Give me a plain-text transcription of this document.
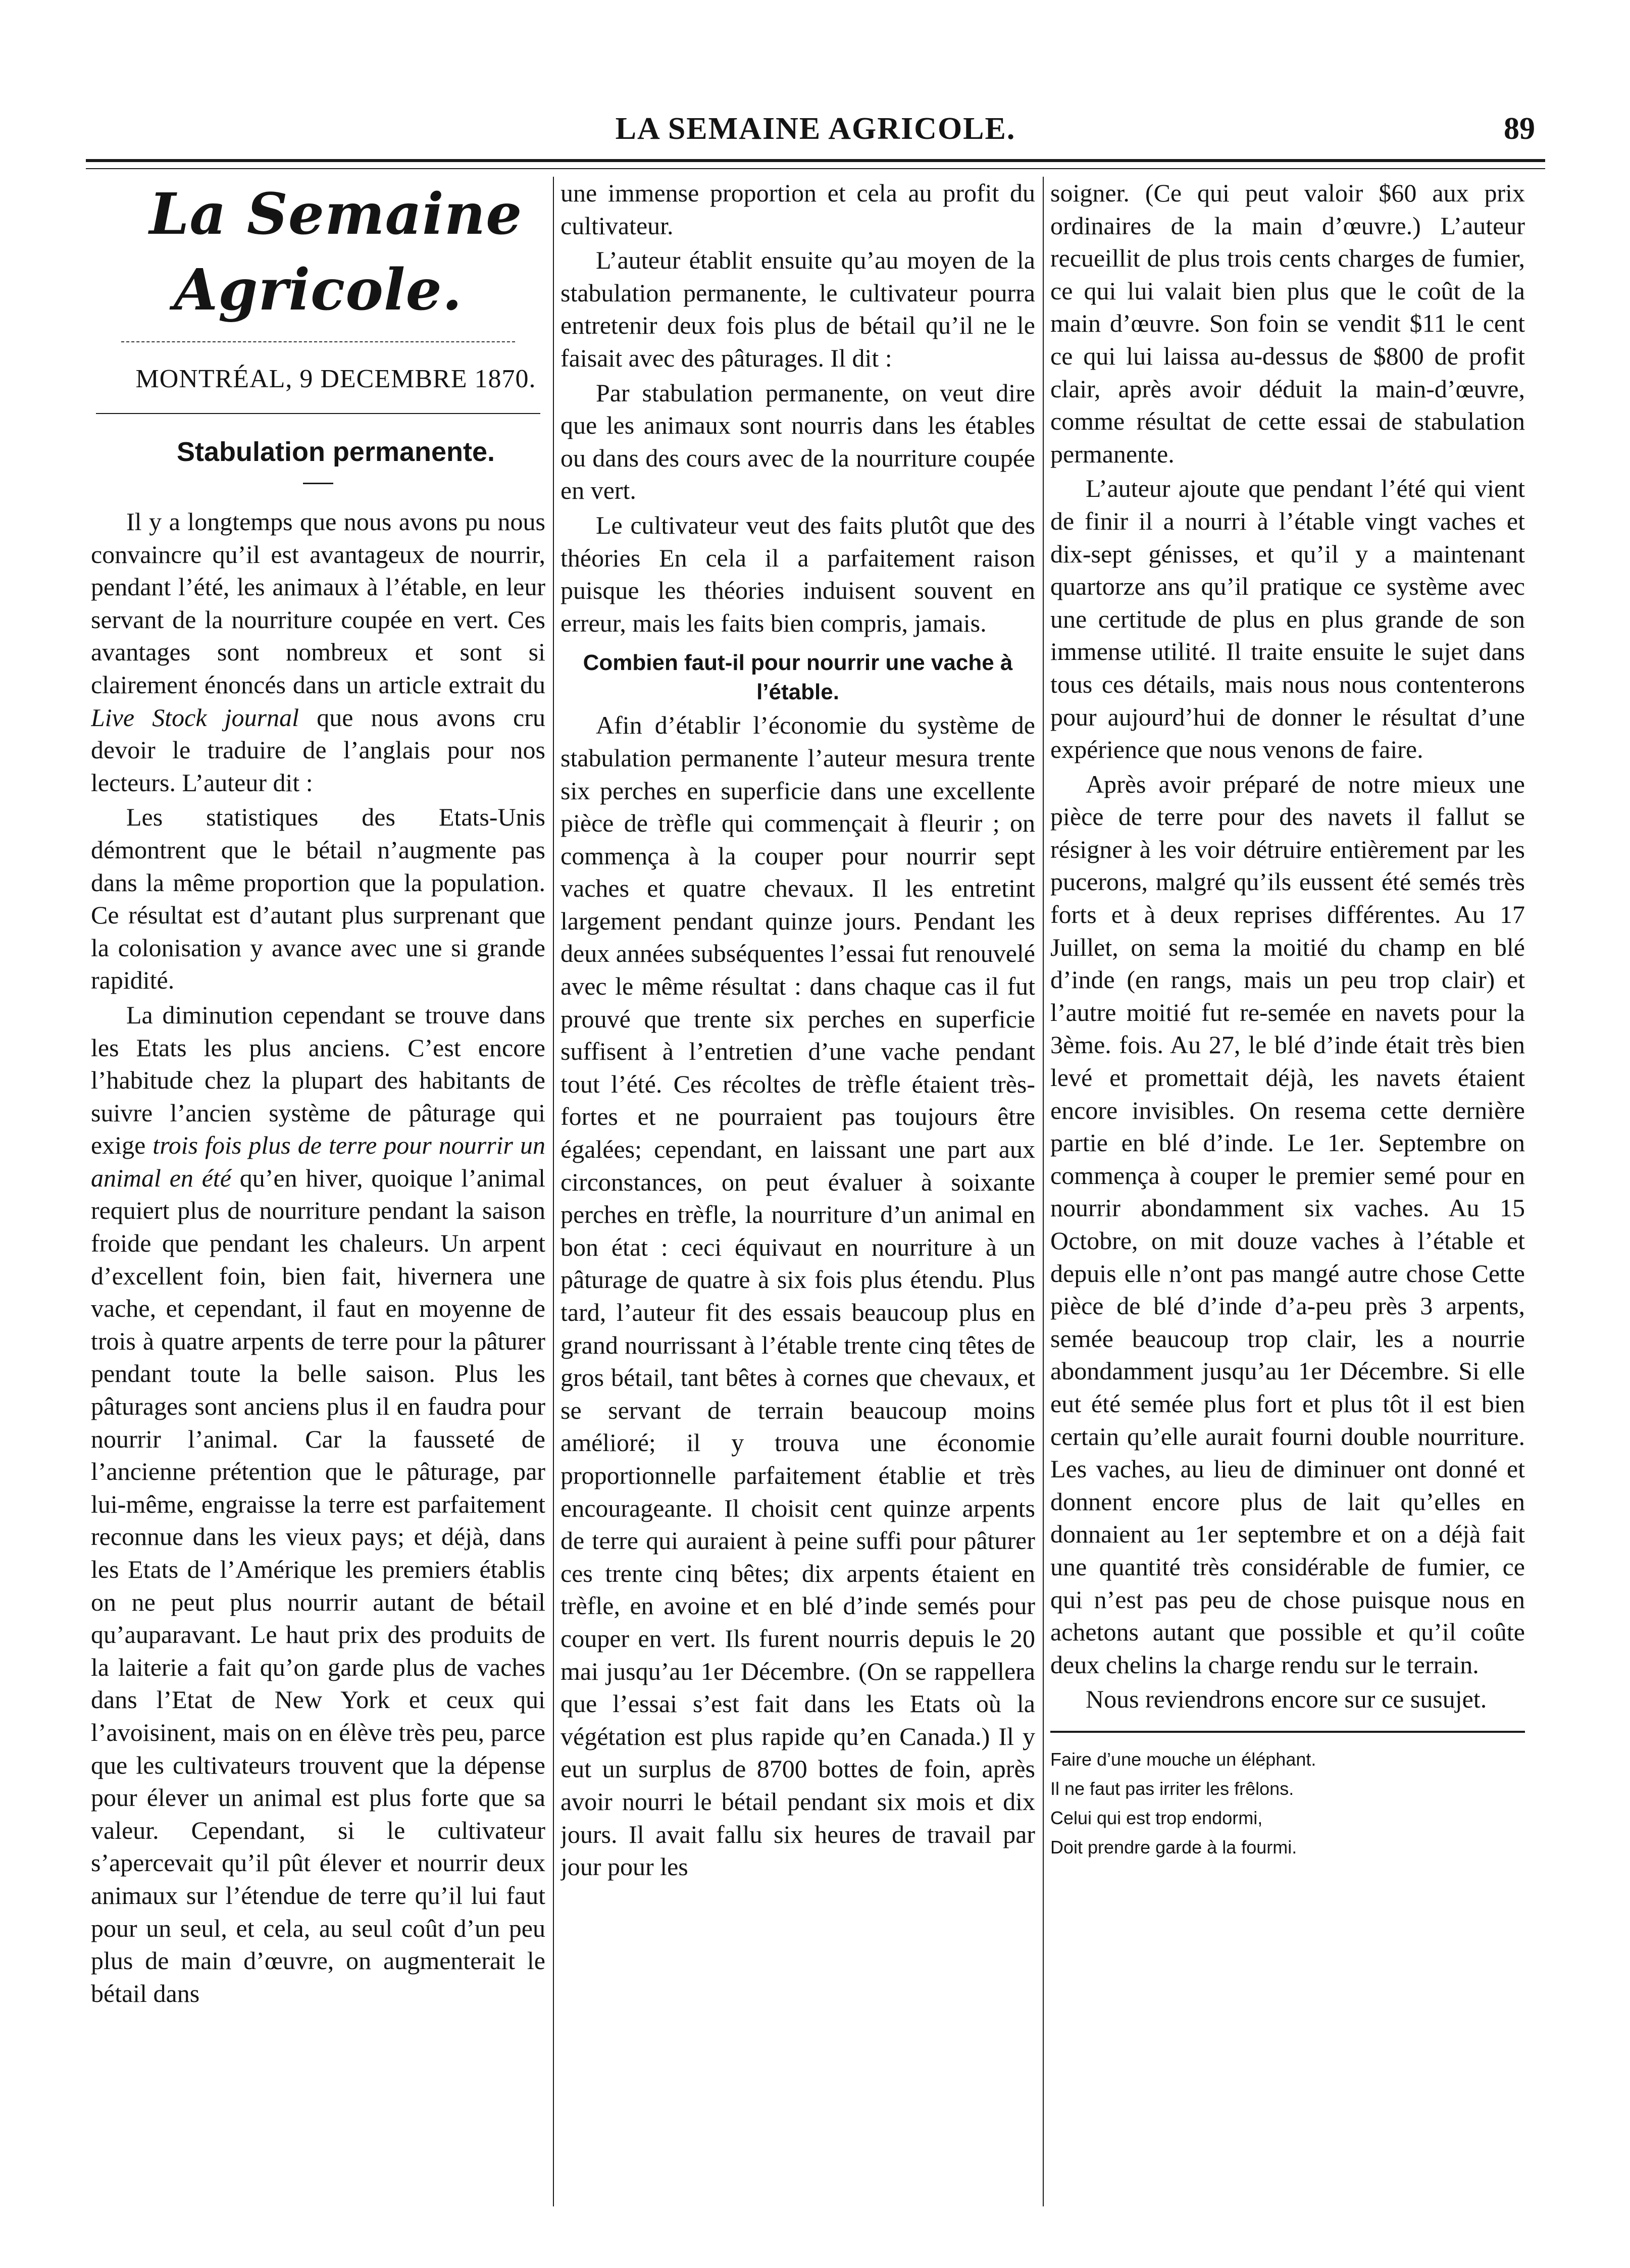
LA SEMAINE AGRICOLE.	89

La Semaine Agricole.

MONTRÉAL, 9 DECEMBRE 1870.

Stabulation permanente.

Il y a longtemps que nous avons pu nous convaincre qu’il est avantageux de nourrir, pendant l’été, les animaux à l’étable, en leur servant de la nourriture coupée en vert. Ces avantages sont nombreux et sont si clairement énoncés dans un article extrait du Live Stock journal que nous avons cru devoir le traduire de l’anglais pour nos lecteurs. L’auteur dit :

Les statistiques des Etats-Unis démontrent que le bétail n’augmente pas dans la même proportion que la population. Ce résultat est d’autant plus surprenant que la colonisation y avance avec une si grande rapidité.

La diminution cependant se trouve dans les Etats les plus anciens. C’est encore l’habitude chez la plupart des habitants de suivre l’ancien système de pâturage qui exige trois fois plus de terre pour nourrir un animal en été qu’en hiver, quoique l’animal requiert plus de nourriture pendant la saison froide que pendant les chaleurs. Un arpent d’excellent foin, bien fait, hivernera une vache, et cependant, il faut en moyenne de trois à quatre arpents de terre pour la pâturer pendant toute la belle saison. Plus les pâturages sont anciens plus il en faudra pour nourrir l’animal. Car la fausseté de l’ancienne prétention que le pâturage, par lui-même, engraisse la terre est parfaitement reconnue dans les vieux pays; et déjà, dans les Etats de l’Amérique les premiers établis on ne peut plus nourrir autant de bétail qu’auparavant. Le haut prix des produits de la laiterie a fait qu’on garde plus de vaches dans l’Etat de New York et ceux qui l’avoisinent, mais on en élève très peu, parce que les cultivateurs trouvent que la dépense pour élever un animal est plus forte que sa valeur. Cependant, si le cultivateur s’apercevait qu’il pût élever et nourrir deux animaux sur l’étendue de terre qu’il lui faut pour un seul, et cela, au seul coût d’un peu plus de main d’œuvre, on augmenterait le bétail dans

une immense proportion et cela au profit du cultivateur.

L’auteur établit ensuite qu’au moyen de la stabulation permanente, le cultivateur pourra entretenir deux fois plus de bétail qu’il ne le faisait avec des pâturages. Il dit :

Par stabulation permanente, on veut dire que les animaux sont nourris dans les étables ou dans des cours avec de la nourriture coupée en vert.

Le cultivateur veut des faits plutôt que des théories En cela il a parfaitement raison puisque les théories induisent souvent en erreur, mais les faits bien compris, jamais.

Combien faut-il pour nourrir une vache à l’étable.

Afin d’établir l’économie du système de stabulation permanente l’auteur mesura trente six perches en superficie dans une excellente pièce de trèfle qui commençait à fleurir ; on commença à la couper pour nourrir sept vaches et quatre chevaux. Il les entretint largement pendant quinze jours. Pendant les deux années subséquentes l’essai fut renouvelé avec le même résultat : dans chaque cas il fut prouvé que trente six perches en superficie suffisent à l’entretien d’une vache pendant tout l’été. Ces récoltes de trèfle étaient très-fortes et ne pourraient pas toujours être égalées; cependant, en laissant une part aux circonstances, on peut évaluer à soixante perches en trèfle, la nourriture d’un animal en bon état : ceci équivaut en nourriture à un pâturage de quatre à six fois plus étendu. Plus tard, l’auteur fit des essais beaucoup plus en grand nourrissant à l’étable trente cinq têtes de gros bétail, tant bêtes à cornes que chevaux, et se servant de terrain beaucoup moins amélioré; il y trouva une économie proportionnelle parfaitement établie et très encourageante. Il choisit cent quinze arpents de terre qui auraient à peine suffi pour pâturer ces trente cinq bêtes; dix arpents étaient en trèfle, en avoine et en blé d’inde semés pour couper en vert. Ils furent nourris depuis le 20 mai jusqu’au 1er Décembre. (On se rappellera que l’essai s’est fait dans les Etats où la végétation est plus rapide qu’en Canada.) Il y eut un surplus de 8700 bottes de foin, après avoir nourri le bétail pendant six mois et dix jours. Il avait fallu six heures de travail par jour pour les

soigner. (Ce qui peut valoir $60 aux prix ordinaires de la main d’œuvre.) L’auteur recueillit de plus trois cents charges de fumier, ce qui lui valait bien plus que le coût de la main d’œuvre. Son foin se vendit $11 le cent ce qui lui laissa au-dessus de $800 de profit clair, après avoir déduit la main-d’œuvre, comme résultat de cette essai de stabulation permanente.

L’auteur ajoute que pendant l’été qui vient de finir il a nourri à l’étable vingt vaches et dix-sept génisses, et qu’il y a maintenant quartorze ans qu’il pratique ce système avec une certitude de plus en plus grande de son immense utilité. Il traite ensuite le sujet dans tous ces détails, mais nous nous contenterons pour aujourd’hui de donner le résultat d’une expérience que nous venons de faire.

Après avoir préparé de notre mieux une pièce de terre pour des navets il fallut se résigner à les voir détruire entièrement par les pucerons, malgré qu’ils eussent été semés très forts et à deux reprises différentes. Au 17 Juillet, on sema la moitié du champ en blé d’inde (en rangs, mais un peu trop clair) et l’autre moitié fut re-semée en navets pour la 3ème. fois. Au 27, le blé d’inde était très bien levé et promettait déjà, les navets étaient encore invisibles. On resema cette dernière partie en blé d’inde. Le 1er. Septembre on commença à couper le premier semé pour en nourrir abondamment six vaches. Au 15 Octobre, on mit douze vaches à l’étable et depuis elle n’ont pas mangé autre chose Cette pièce de blé d’inde d’a-peu près 3 arpents, semée beaucoup trop clair, les a nourrie abondamment jusqu’au 1er Décembre. Si elle eut été semée plus fort et plus tôt il est bien certain qu’elle aurait fourni double nourriture. Les vaches, au lieu de diminuer ont donné et donnent encore plus de lait qu’elles en donnaient au 1er septembre et on a déjà fait une quantité très considérable de fumier, ce qui n’est pas peu de chose puisque nous en achetons autant que possible et qu’il coûte deux chelins la charge rendu sur le terrain.

Nous reviendrons encore sur ce susujet.

Faire d’une mouche un éléphant.
Il ne faut pas irriter les frêlons.
Celui qui est trop endormi,
Doit prendre garde à la fourmi.
